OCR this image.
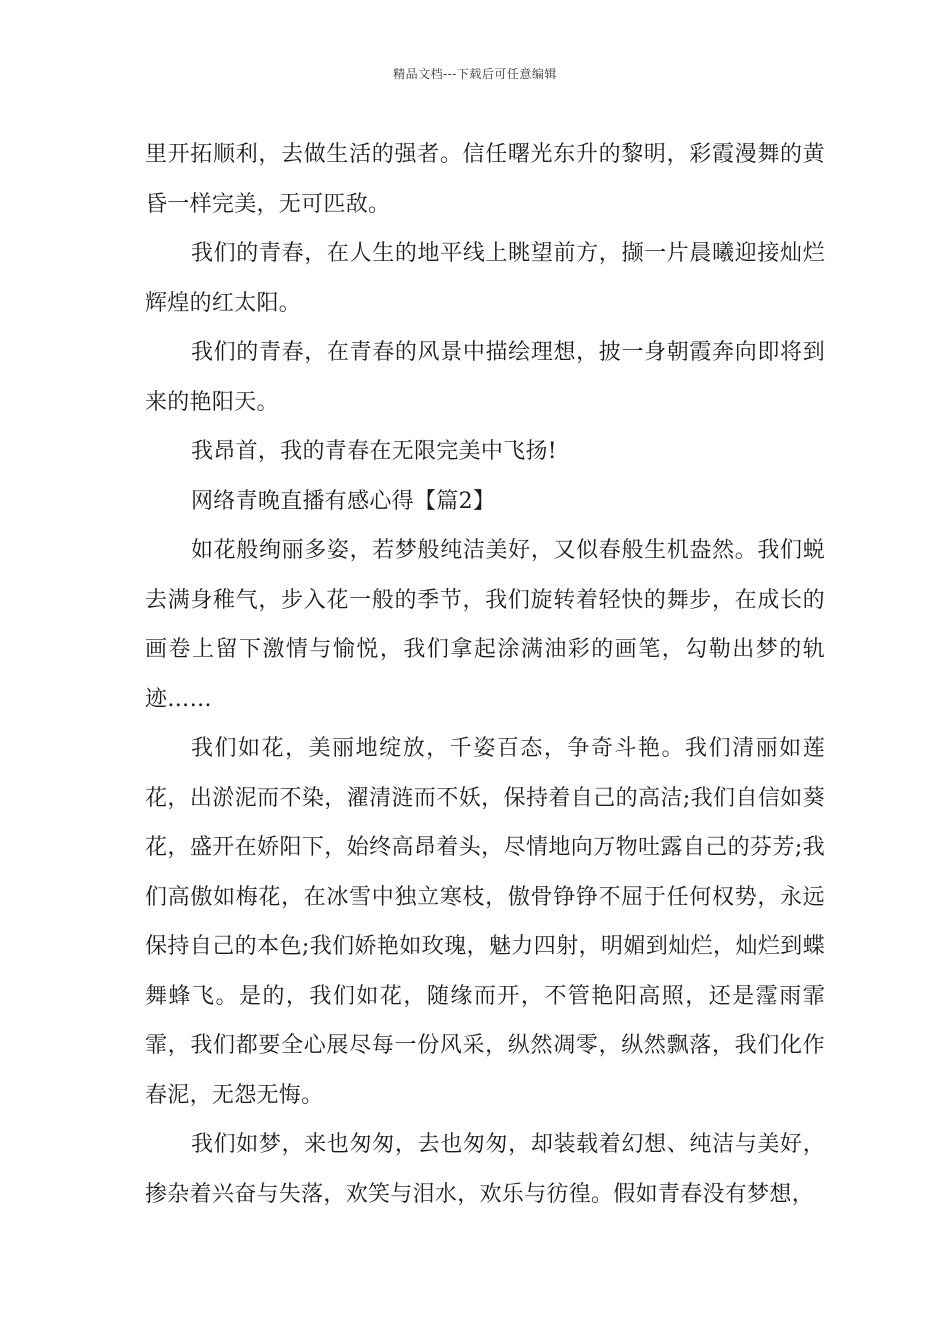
精品文档---下载后可任意编辑

里开拓顺利，去做生活的强者。信任曙光东升的黎明，彩霞漫舞的黄昏一样完美，无可匹敌。

我们的青春，在人生的地平线上眺望前方，撷一片晨曦迎接灿烂辉煌的红太阳。

我们的青春，在青春的风景中描绘理想，披一身朝霞奔向即将到来的艳阳天。

我昂首，我的青春在无限完美中飞扬!

网络青晚直播有感心得【篇2】

如花般绚丽多姿，若梦般纯洁美好，又似春般生机盎然。我们蜕去满身稚气，步入花一般的季节，我们旋转着轻快的舞步，在成长的画卷上留下激情与愉悦，我们拿起涂满油彩的画笔，勾勒出梦的轨迹……

我们如花，美丽地绽放，千姿百态，争奇斗艳。我们清丽如莲花，出淤泥而不染，濯清涟而不妖，保持着自己的高洁;我们自信如葵花，盛开在娇阳下，始终高昂着头，尽情地向万物吐露自己的芬芳;我们高傲如梅花，在冰雪中独立寒枝，傲骨铮铮不屈于任何权势，永远保持自己的本色;我们娇艳如玫瑰，魅力四射，明媚到灿烂，灿烂到蝶舞蜂飞。是的，我们如花，随缘而开，不管艳阳高照，还是霪雨霏霏，我们都要全心展尽每一份风采，纵然凋零，纵然飘落，我们化作春泥，无怨无悔。

我们如梦，来也匆匆，去也匆匆，却装载着幻想、纯洁与美好，掺杂着兴奋与失落，欢笑与泪水，欢乐与彷徨。假如青春没有梦想，
